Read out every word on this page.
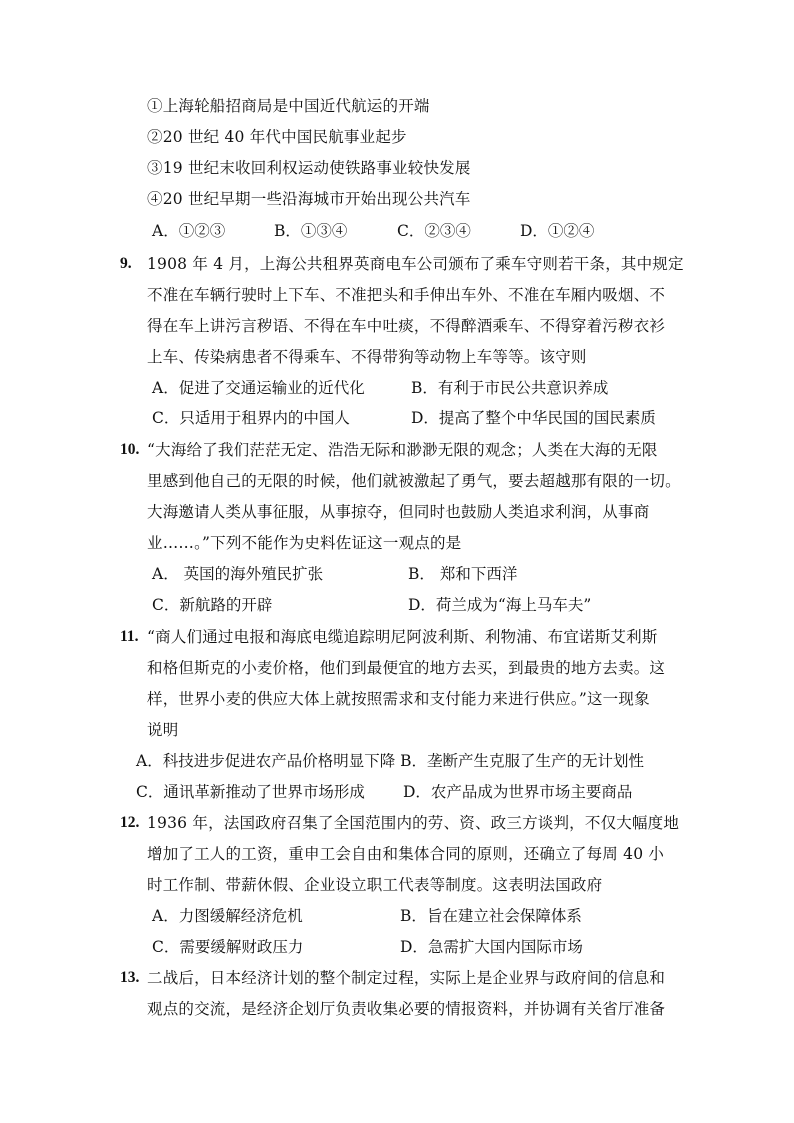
①上海轮船招商局是中国近代航运的开端
②20 世纪 40 年代中国民航事业起步
③19 世纪末收回利权运动使铁路事业较快发展
④20 世纪早期一些沿海城市开始出现公共汽车
A．①②③	B．①③④	C．②③④	D．①②④
9. 1908 年 4 月，上海公共租界英商电车公司颁布了乘车守则若干条，其中规定
不准在车辆行驶时上下车、不准把头和手伸出车外、不准在车厢内吸烟、不
得在车上讲污言秽语、不得在车中吐痰，不得醉酒乘车、不得穿着污秽衣衫
上车、传染病患者不得乘车、不得带狗等动物上车等等。该守则
A．促进了交通运输业的近代化	B．有利于市民公共意识养成
C．只适用于租界内的中国人	D．提高了整个中华民国的国民素质
10. “大海给了我们茫茫无定、浩浩无际和渺渺无限的观念；人类在大海的无限
里感到他自己的无限的时候，他们就被激起了勇气，要去超越那有限的一切。
大海邀请人类从事征服，从事掠夺，但同时也鼓励人类追求利润，从事商
业……。”下列不能作为史料佐证这一观点的是
A． 英国的海外殖民扩张	B． 郑和下西洋
C．新航路的开辟	D．荷兰成为“海上马车夫”
11. “商人们通过电报和海底电缆追踪明尼阿波利斯、利物浦、布宜诺斯艾利斯
和格但斯克的小麦价格，他们到最便宜的地方去买，到最贵的地方去卖。这
样，世界小麦的供应大体上就按照需求和支付能力来进行供应。”这一现象
说明
A．科技进步促进农产品价格明显下降 B．垄断产生克服了生产的无计划性
C．通讯革新推动了世界市场形成 D．农产品成为世界市场主要商品
12. 1936 年，法国政府召集了全国范围内的劳、资、政三方谈判，不仅大幅度地
增加了工人的工资，重申工会自由和集体合同的原则，还确立了每周 40 小
时工作制、带薪休假、企业设立职工代表等制度。这表明法国政府
A．力图缓解经济危机	B．旨在建立社会保障体系
C．需要缓解财政压力	D．急需扩大国内国际市场
13. 二战后，日本经济计划的整个制定过程，实际上是企业界与政府间的信息和
观点的交流，是经济企划厅负责收集必要的情报资料，并协调有关省厅准备
